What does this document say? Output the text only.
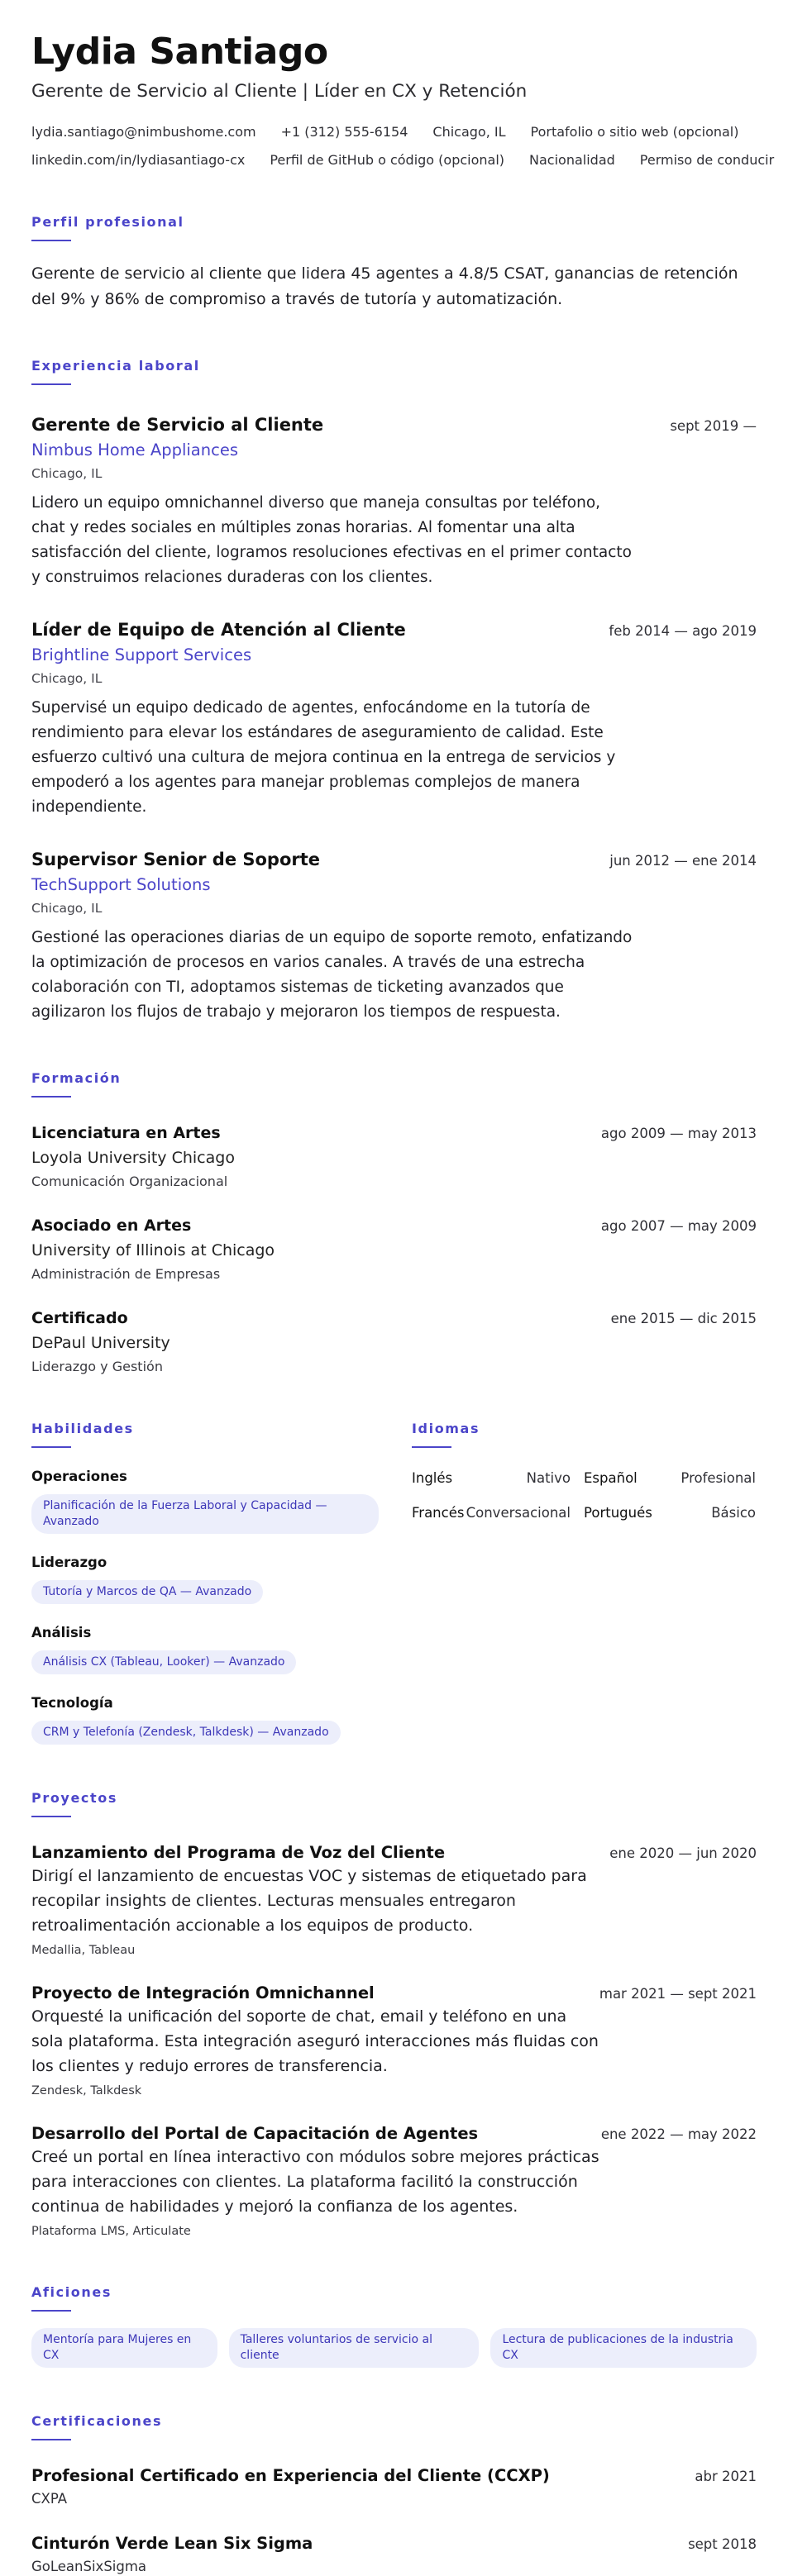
Lydia Santiago
Gerente de Servicio al Cliente | Líder en CX y Retención
lydia.santiago@nimbushome.com +1 (312) 555-6154 Chicago, IL Portafolio o sitio web (opcional)
linkedin.com/in/lydiasantiago-cx Perfil de GitHub o código (opcional) Nacionalidad Permiso de conducir
Perfil profesional

Gerente de servicio al cliente que lidera 45 agentes a 4.8/5 CSAT, ganancias de retención del 9% y 86% de compromiso a través de tutoría y automatización.

Experiencia laboral
Gerente de Servicio al Cliente	sept 2019 —
Nimbus Home Appliances
Chicago, IL

Lidero un equipo omnichannel diverso que maneja consultas por teléfono, chat y redes sociales en múltiples zonas horarias. Al fomentar una alta satisfacción del cliente, logramos resoluciones efectivas en el primer contacto y construimos relaciones duraderas con los clientes.

Líder de Equipo de Atención al Cliente	feb 2014 — ago 2019
Brightline Support Services
Chicago, IL

Supervisé un equipo dedicado de agentes, enfocándome en la tutoría de rendimiento para elevar los estándares de aseguramiento de calidad. Este esfuerzo cultivó una cultura de mejora continua en la entrega de servicios y empoderó a los agentes para manejar problemas complejos de manera independiente.

Supervisor Senior de Soporte	jun 2012 — ene 2014
TechSupport Solutions
Chicago, IL

Gestioné las operaciones diarias de un equipo de soporte remoto, enfatizando la optimización de procesos en varios canales. A través de una estrecha colaboración con TI, adoptamos sistemas de ticketing avanzados que agilizaron los flujos de trabajo y mejoraron los tiempos de respuesta.

Formación
Licenciatura en Artes	ago 2009 — may 2013
Loyola University Chicago
Comunicación Organizacional
Asociado en Artes	ago 2007 — may 2009
University of Illinois at Chicago
Administración de Empresas
Certificado	ene 2015 — dic 2015
DePaul University
Liderazgo y Gestión
Habilidades
Operaciones
Planificación de la Fuerza Laboral y Capacidad — Avanzado
Liderazgo
Tutoría y Marcos de QA — Avanzado
Análisis
Análisis CX (Tableau, Looker) — Avanzado
Tecnología
CRM y Telefonía (Zendesk, Talkdesk) — Avanzado
Idiomas
Inglés	Nativo Español	Profesional
Francés Conversacional Portugués	Básico
Proyectos
Lanzamiento del Programa de Voz del Cliente	ene 2020 — jun 2020

Dirigí el lanzamiento de encuestas VOC y sistemas de etiquetado para recopilar insights de clientes. Lecturas mensuales entregaron retroalimentación accionable a los equipos de producto.

Medallia, Tableau
Proyecto de Integración Omnichannel	mar 2021 — sept 2021

Orquesté la unificación del soporte de chat, email y teléfono en una sola plataforma. Esta integración aseguró interacciones más fluidas con los clientes y redujo errores de transferencia.

Zendesk, Talkdesk
Desarrollo del Portal de Capacitación de Agentes	ene 2022 — may 2022

Creé un portal en línea interactivo con módulos sobre mejores prácticas para interacciones con clientes. La plataforma facilitó la construcción continua de habilidades y mejoró la confianza de los agentes.

Plataforma LMS, Articulate
Aficiones
Mentoría para Mujeres en CX
Talleres voluntarios de servicio al cliente
Lectura de publicaciones de la industria CX
Certificaciones
Profesional Certificado en Experiencia del Cliente (CCXP)	abr 2021
CXPA
Cinturón Verde Lean Six Sigma	sept 2018
GoLeanSixSigma
